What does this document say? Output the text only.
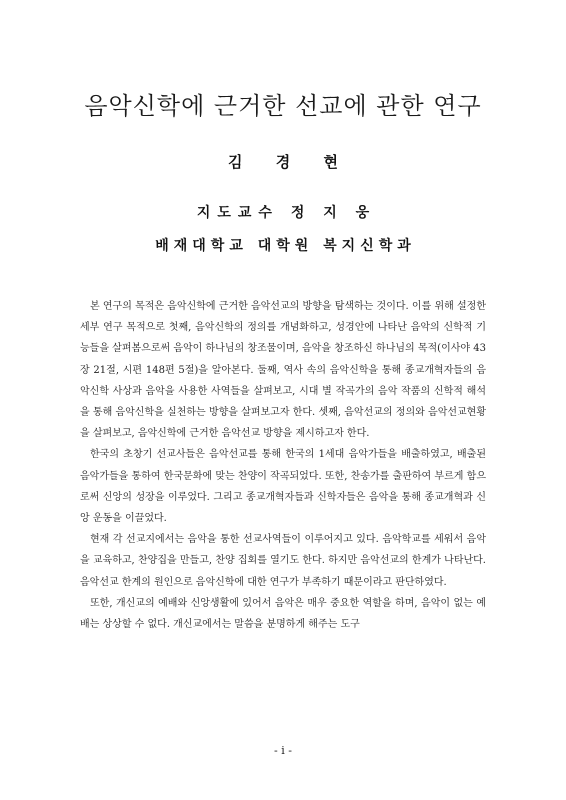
음악신학에 근거한 선교에 관한 연구
김 경 현
지도교수 정 지 웅
배재대학교 대학원 복지신학과

본 연구의 목적은 음악신학에 근거한 음악선교의 방향을 탐색하는 것이다. 이를 위해 설정한 세부 연구 목적으로 첫째, 음악신학의 정의를 개념화하고, 성경안에 나타난 음악의 신학적 기능들을 살펴봄으로써 음악이 하나님의 창조물이며, 음악을 창조하신 하나님의 목적(이사야 43장 21절, 시편 148편 5절)을 알아본다. 둘째, 역사 속의 음악신학을 통해 종교개혁자들의 음악신학 사상과 음악을 사용한 사역들을 살펴보고, 시대 별 작곡가의 음악 작품의 신학적 해석을 통해 음악신학을 실천하는 방향을 살펴보고자 한다. 셋째, 음악선교의 정의와 음악선교현황을 살펴보고, 음악신학에 근거한 음악선교 방향을 제시하고자 한다.

한국의 초창기 선교사들은 음악선교를 통해 한국의 1세대 음악가들을 배출하였고, 배출된 음악가들을 통하여 한국문화에 맞는 찬양이 작곡되었다. 또한, 찬송가를 출판하여 부르게 함으로써 신앙의 성장을 이루었다. 그리고 종교개혁자들과 신학자들은 음악을 통해 종교개혁과 신앙 운동을 이끌었다.

현재 각 선교지에서는 음악을 통한 선교사역들이 이루어지고 있다. 음악학교를 세워서 음악을 교육하고, 찬양집을 만들고, 찬양 집회를 열기도 한다. 하지만 음악선교의 한계가 나타난다. 음악선교 한계의 원인으로 음악신학에 대한 연구가 부족하기 때문이라고 판단하였다.

또한, 개신교의 예배와 신앙생활에 있어서 음악은 매우 중요한 역할을 하며, 음악이 없는 예배는 상상할 수 없다. 개신교에서는 말씀을 분명하게 해주는 도구

- i -
